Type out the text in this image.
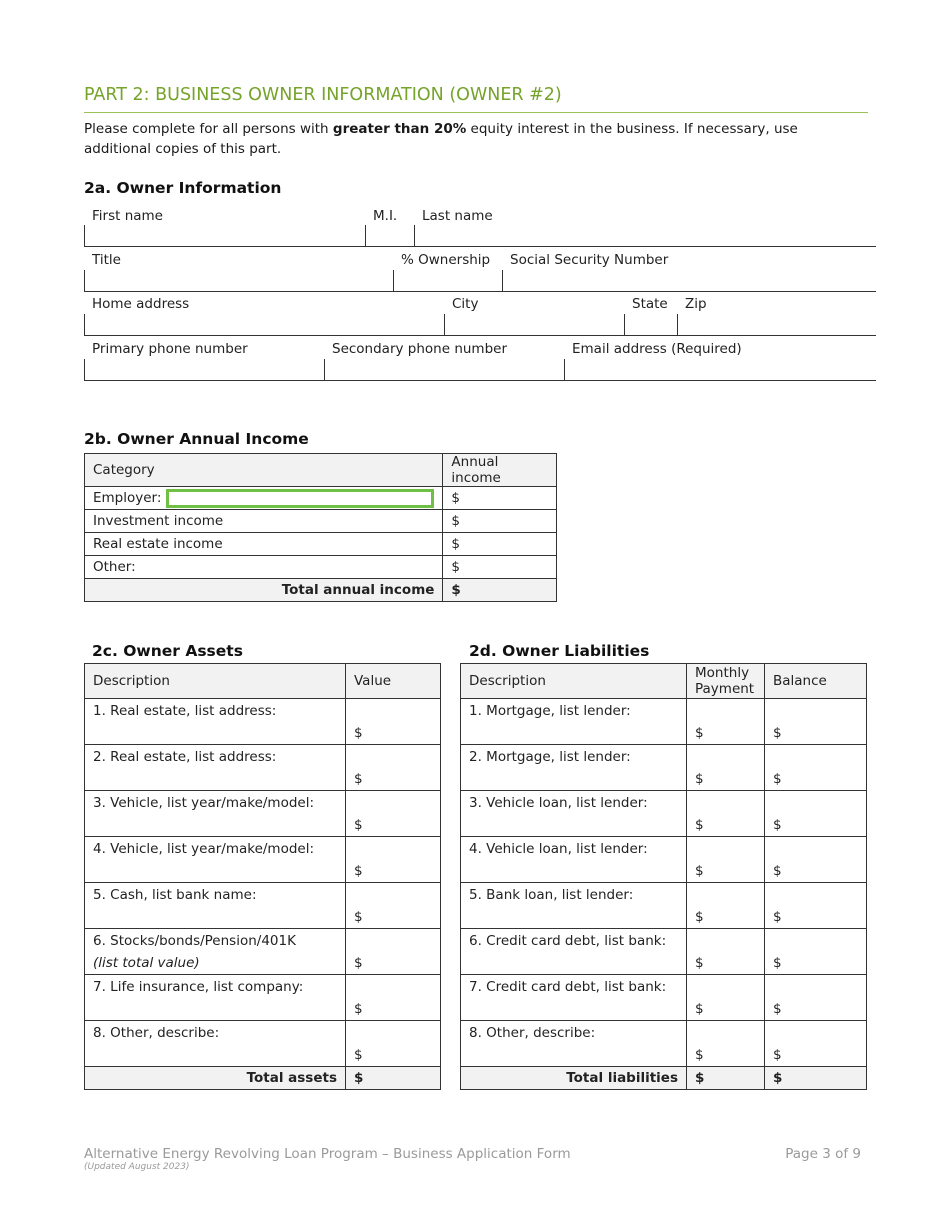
PART 2: BUSINESS OWNER INFORMATION (OWNER #2)
Please complete for all persons with greater than 20% equity interest in the business. If necessary, use additional copies of this part.
2a. Owner Information
First name	M.I. Last name
Title	% Ownership Social Security Number
Home address	City	State Zip
Primary phone number	Secondary phone number	Email address (Required)
2b. Owner Annual Income
Category	Annual income

Employer:	$
Investment income	$
Real estate income	$
Other:	$
Total annual income	$
2c. Owner Assets
Description	Value
1. Real estate, list address:	$
2. Real estate, list address:	$
3. Vehicle, list year/make/model:	$
4. Vehicle, list year/make/model:	$
5. Cash, list bank name:	$
6. Stocks/bonds/Pension/401K
(list total value)	$
7. Life insurance, list company:	$
8. Other, describe:	$
Total assets	$
2d. Owner Liabilities
Description	Monthly Payment	Balance
1. Mortgage, list lender:	$	$
2. Mortgage, list lender:	$	$
3. Vehicle loan, list lender:	$	$
4. Vehicle loan, list lender:	$	$
5. Bank loan, list lender:	$	$
6. Credit card debt, list bank:	$	$
7. Credit card debt, list bank:	$	$
8. Other, describe:	$	$
Total liabilities	$	$
Alternative Energy Revolving Loan Program – Business Application Form
(Updated August 2023)
Page 3 of 9
